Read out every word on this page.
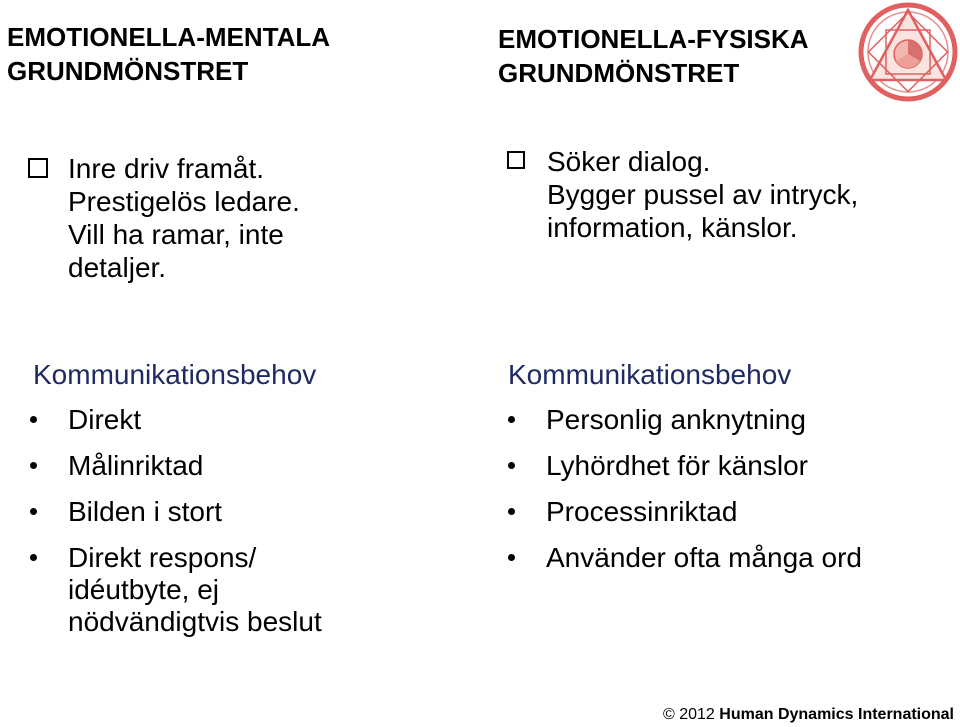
EMOTIONELLA-MENTALA
GRUNDMÖNSTRET
EMOTIONELLA-FYSISKA
GRUNDMÖNSTRET
Inre driv framåt.
Prestigelös ledare.
Vill ha ramar, inte
detaljer.
Söker dialog.
Bygger pussel av intryck,
information, känslor.
Kommunikationsbehov	Kommunikationsbehov
Direkt
Målinriktad
Bilden i stort
Direkt respons/
idéutbyte, ej
nödvändigtvis beslut
Personlig anknytning
Lyhördhet för känslor
Processinriktad
Använder ofta många ord
© 2012 Human Dynamics International
